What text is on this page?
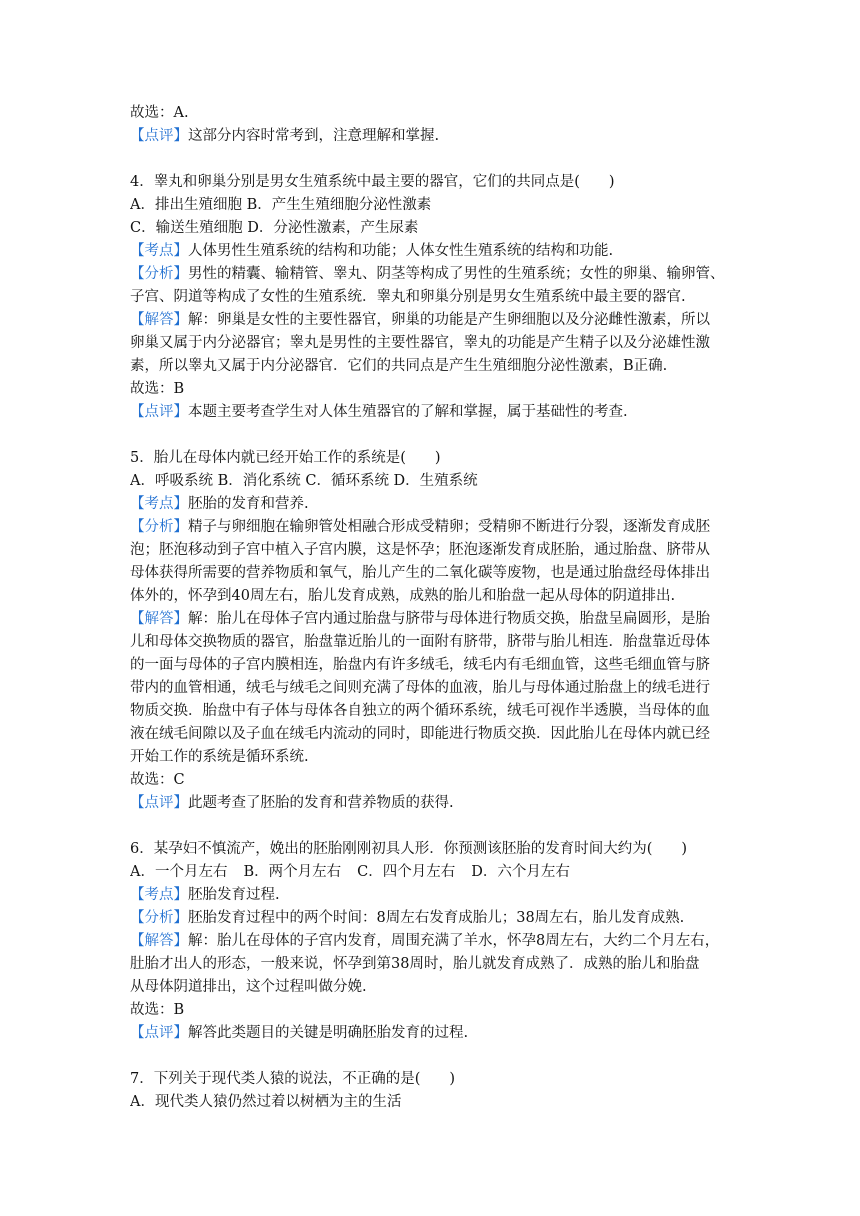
故选：A.
【点评】这部分内容时常考到，注意理解和掌握.
4．睾丸和卵巢分别是男女生殖系统中最主要的器官，它们的共同点是(　　)
A．排出生殖细胞 B．产生生殖细胞分泌性激素
C．输送生殖细胞 D．分泌性激素，产生尿素
【考点】人体男性生殖系统的结构和功能；人体女性生殖系统的结构和功能.
【分析】男性的精囊、输精管、睾丸、阴茎等构成了男性的生殖系统；女性的卵巢、输卵管、
子宫、阴道等构成了女性的生殖系统．睾丸和卵巢分别是男女生殖系统中最主要的器官.
【解答】解：卵巢是女性的主要性器官，卵巢的功能是产生卵细胞以及分泌雌性激素，所以
卵巢又属于内分泌器官；睾丸是男性的主要性器官，睾丸的功能是产生精子以及分泌雄性激
素，所以睾丸又属于内分泌器官．它们的共同点是产生生殖细胞分泌性激素，B正确.
故选：B
【点评】本题主要考查学生对人体生殖器官的了解和掌握，属于基础性的考查.
5．胎儿在母体内就已经开始工作的系统是(　　)
A．呼吸系统 B．消化系统 C．循环系统 D．生殖系统
【考点】胚胎的发育和营养.
【分析】精子与卵细胞在输卵管处相融合形成受精卵；受精卵不断进行分裂，逐渐发育成胚
泡；胚泡移动到子宫中植入子宫内膜，这是怀孕；胚泡逐渐发育成胚胎，通过胎盘、脐带从
母体获得所需要的营养物质和氧气，胎儿产生的二氧化碳等废物，也是通过胎盘经母体排出
体外的，怀孕到40周左右，胎儿发育成熟，成熟的胎儿和胎盘一起从母体的阴道排出.
【解答】解：胎儿在母体子宫内通过胎盘与脐带与母体进行物质交换，胎盘呈扁圆形，是胎
儿和母体交换物质的器官，胎盘靠近胎儿的一面附有脐带，脐带与胎儿相连．胎盘靠近母体
的一面与母体的子宫内膜相连，胎盘内有许多绒毛，绒毛内有毛细血管，这些毛细血管与脐
带内的血管相通，绒毛与绒毛之间则充满了母体的血液，胎儿与母体通过胎盘上的绒毛进行
物质交换．胎盘中有子体与母体各自独立的两个循环系统，绒毛可视作半透膜，当母体的血
液在绒毛间隙以及子血在绒毛内流动的同时，即能进行物质交换．因此胎儿在母体内就已经
开始工作的系统是循环系统.
故选：C
【点评】此题考查了胚胎的发育和营养物质的获得.
6．某孕妇不慎流产，娩出的胚胎刚刚初具人形．你预测该胚胎的发育时间大约为(　　)
A．一个月左右 B．两个月左右 C．四个月左右 D．六个月左右
【考点】胚胎发育过程.
【分析】胚胎发育过程中的两个时间：8周左右发育成胎儿；38周左右，胎儿发育成熟.
【解答】解：胎儿在母体的子宫内发育，周围充满了羊水，怀孕8周左右，大约二个月左右，
肚胎才出人的形态，一般来说，怀孕到第38周时，胎儿就发育成熟了．成熟的胎儿和胎盘
从母体阴道排出，这个过程叫做分娩.
故选：B
【点评】解答此类题目的关键是明确胚胎发育的过程.
7．下列关于现代类人猿的说法，不正确的是(　　)
A．现代类人猿仍然过着以树栖为主的生活
